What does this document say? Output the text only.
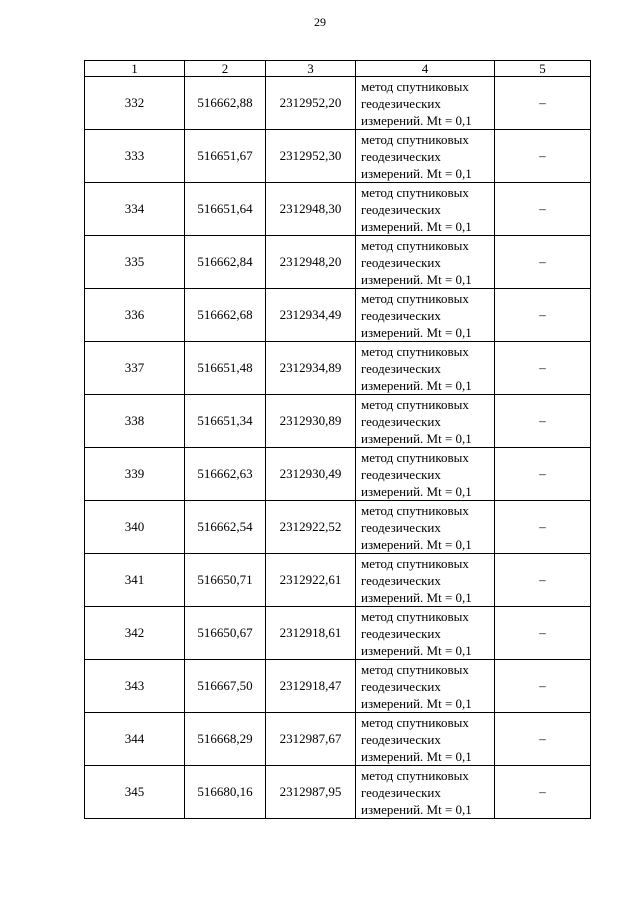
29
1	2	3	4	5
332	516662,88	2312952,20	метод спутниковых
геодезических
измерений. Mt = 0,1	–
333	516651,67	2312952,30	метод спутниковых
геодезических
измерений. Mt = 0,1	–
334	516651,64	2312948,30	метод спутниковых
геодезических
измерений. Mt = 0,1	–
335	516662,84	2312948,20	метод спутниковых
геодезических
измерений. Mt = 0,1	–
336	516662,68	2312934,49	метод спутниковых
геодезических
измерений. Mt = 0,1	–
337	516651,48	2312934,89	метод спутниковых
геодезических
измерений. Mt = 0,1	–
338	516651,34	2312930,89	метод спутниковых
геодезических
измерений. Mt = 0,1	–
339	516662,63	2312930,49	метод спутниковых
геодезических
измерений. Mt = 0,1	–
340	516662,54	2312922,52	метод спутниковых
геодезических
измерений. Mt = 0,1	–
341	516650,71	2312922,61	метод спутниковых
геодезических
измерений. Mt = 0,1	–
342	516650,67	2312918,61	метод спутниковых
геодезических
измерений. Mt = 0,1	–
343	516667,50	2312918,47	метод спутниковых
геодезических
измерений. Mt = 0,1	–
344	516668,29	2312987,67	метод спутниковых
геодезических
измерений. Mt = 0,1	–
345	516680,16	2312987,95	метод спутниковых
геодезических
измерений. Mt = 0,1	–
